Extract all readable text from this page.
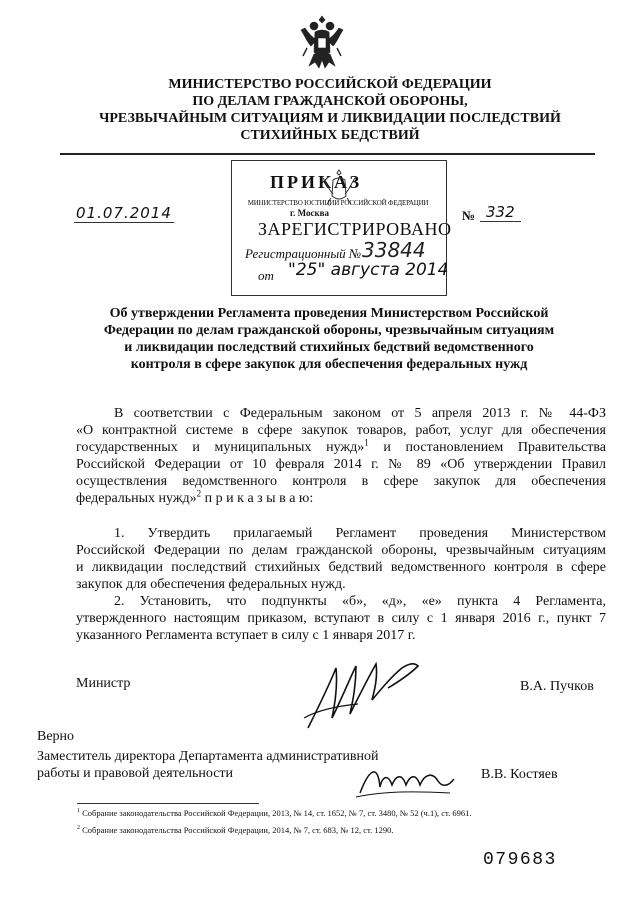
МИНИСТЕРСТВО РОССИЙСКОЙ ФЕДЕРАЦИИ
ПО ДЕЛАМ ГРАЖДАНСКОЙ ОБОРОНЫ,
ЧРЕЗВЫЧАЙНЫМ СИТУАЦИЯМ И ЛИКВИДАЦИИ ПОСЛЕДСТВИЙ
СТИХИЙНЫХ БЕДСТВИЙ
ПРИКАЗ
МИНИСТЕРСТВО ЮСТИЦИИ РОССИЙСКОЙ ФЕДЕРАЦИИ
г. Москва
ЗАРЕГИСТРИРОВАНО
Регистрационный № 33844
от "25" августа 2014
01.07.2014	№ 332
Об утверждении Регламента проведения Министерством Российской
Федерации по делам гражданской обороны, чрезвычайным ситуациям
и ликвидации последствий стихийных бедствий ведомственного
контроля в сфере закупок для обеспечения федеральных нужд
В соответствии с Федеральным законом от 5 апреля 2013 г. № 44-ФЗ
«О контрактной системе в сфере закупок товаров, работ, услуг для обеспечения
государственных и муниципальных нужд»$^1$ и постановлением Правительства
Российской Федерации от 10 февраля 2014 г. № 89 «Об утверждении Правил
осуществления ведомственного контроля в сфере закупок для обеспечения
федеральных нужд»$^2$ п р и к а з ы в а ю:
1. Утвердить прилагаемый Регламент проведения Министерством
Российской Федерации по делам гражданской обороны, чрезвычайным ситуациям
и ликвидации последствий стихийных бедствий ведомственного контроля в сфере
закупок для обеспечения федеральных нужд.
2. Установить, что подпункты «б», «д», «е» пункта 4 Регламента,
утвержденного настоящим приказом, вступают в силу с 1 января 2016 г., пункт 7
указанного Регламента вступает в силу с 1 января 2017 г.
Министр	В.А. Пучков
Верно
Заместитель директора Департамента административной
работы и правовой деятельности	В.В. Костяев
$^1$ Собрание законодательства Российской Федерации, 2013, № 14, ст. 1652, № 7, ст. 3480, № 52 (ч.1), ст. 6961.
$^2$ Собрание законодательства Российской Федерации, 2014, № 7, ст. 683, № 12, ст. 1290.
079683
